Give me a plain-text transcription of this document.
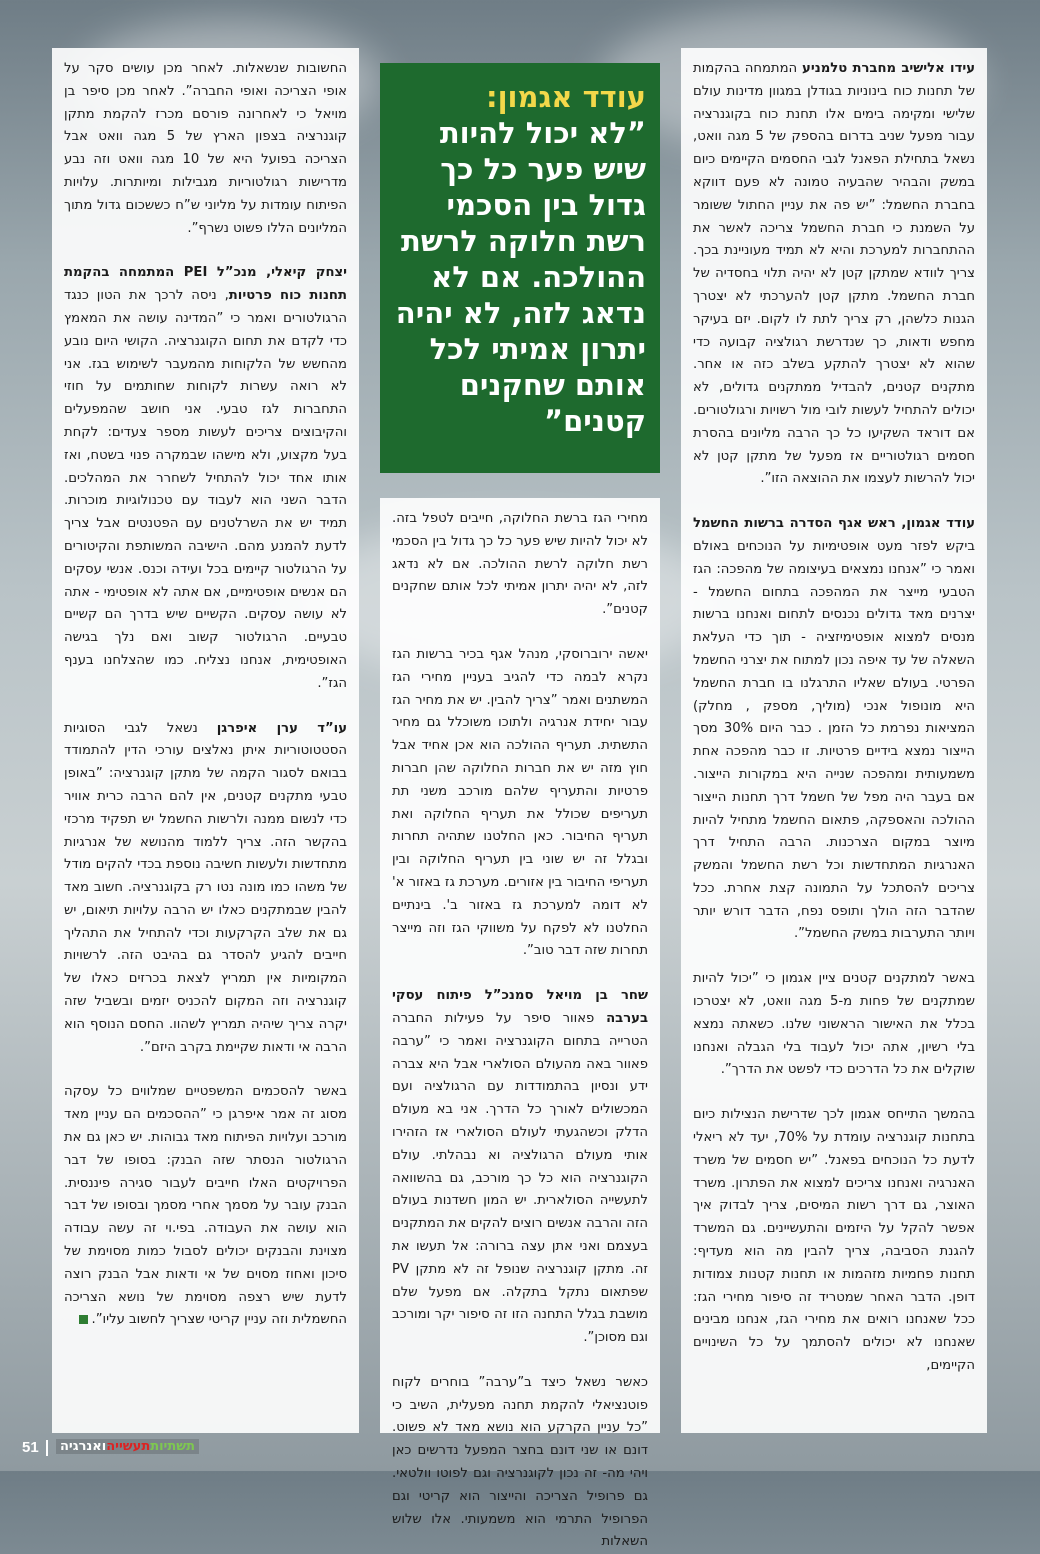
עידו אלישיב מחברת טלמניע המתמחה בהקמות של תחנות כוח בינוניות בגודלן במגוון מדינות עולם שלישי ומקימה בימים אלו תחנת כוח בקוגנרציה עבור מפעל שניב בדרום בהספק של 5 מגה וואט, נשאל בתחילת הפאנל לגבי החסמים הקיימים כיום במשק והבהיר שהבעיה טמונה לא פעם דווקא בחברת החשמל: ”יש פה את עניין החתול ששומר על השמנת כי חברת החשמל צריכה לאשר את ההתחברות למערכת והיא לא תמיד מעוניינת בכך. צריך לוודא שמתקן קטן לא יהיה תלוי בחסדיה של חברת החשמל. מתקן קטן להערכתי לא יצטרך הגנות כלשהן, רק צריך לתת לו לקום. יזם בעיקר מחפש ודאות, כך שנדרשת רגולציה קבועה כדי שהוא לא יצטרך להתקע בשלב כזה או אחר. מתקנים קטנים, להבדיל ממתקנים גדולים, לא יכולים להתחיל לעשות לובי מול רשויות ורגולטורים. אם דוראד השקיעו כל כך הרבה מליונים בהסרת חסמים רגולטוריים אז מפעל של מתקן קטן לא יכול להרשות לעצמו את ההוצאה הזו”.

עודד אגמון, ראש אגף הסדרה ברשות החשמל ביקש לפזר מעט אופטימיות על הנוכחים באולם ואמר כי ”אנחנו נמצאים בעיצומה של מהפכה: הגז הטבעי מייצר את המהפכה בתחום החשמל - יצרנים מאד גדולים נכנסים לתחום ואנחנו ברשות מנסים למצוא אופטימיזציה - תוך כדי העלאת השאלה של עד איפה נכון למתוח את יצרני החשמל הפרטי. בעולם שאליו התרגלנו בו חברת החשמל היא מונופול אנכי (מוליך, מספק , מחלק) המציאות נפרמת כל הזמן . כבר היום 30% מסך הייצור נמצא בידיים פרטיות. זו כבר מהפכה אחת משמעותית ומהפכה שנייה היא במקורות הייצור. אם בעבר היה מפל של חשמל דרך תחנות הייצור ההולכה והאספקה, פתאום החשמל מתחיל להיות מיוצר במקום הצרכנות. הרבה התחיל דרך האנרגיות המתחדשות וכל רשת החשמל והמשק צריכים להסתכל על התמונה קצת אחרת. ככל שהדבר הזה הולך ותופס נפח, הדבר דורש יותר ויותר התערבות במשק החשמל”.

באשר למתקנים קטנים ציין אגמון כי ”יכול להיות שמתקנים של פחות מ-5 מגה וואט, לא יצטרכו בכלל את האישור הראשוני שלנו. כשאתה נמצא בלי רשיון, אתה יכול לעבוד בלי הגבלה ואנחנו שוקלים את כל הדרכים כדי לפשט את הדרך”.

בהמשך התייחס אגמון לכך שדרישת הנצילות כיום בתחנות קוגנרציה עומדת על 70%, יעד לא ריאלי לדעת כל הנוכחים בפאנל. ”יש חסמים של משרד האנרגיה ואנחנו צריכים למצוא את הפתרון. משרד האוצר, גם דרך רשות המיסים, צריך לבדוק איך אפשר להקל על היזמים והתעשיינים. גם המשרד להגנת הסביבה, צריך להבין מה הוא מעדיף: תחנות פחמיות מזהמות או תחנות קטנות צמודות דופן. הדבר האחר שמטריד זה סיפור מחירי הגז: ככל שאנחנו רואים את מחירי הגז, אנחנו מבינים שאנחנו לא יכולים להסתמך על כל השינויים הקיימים,

עודד אגמון:
”לא יכול להיות שיש פער כל כך גדול בין הסכמי רשת חלוקה לרשת ההולכה. אם לא נדאג לזה, לא יהיה יתרון אמיתי לכל אותם שחקנים קטנים”

מחירי הגז ברשת החלוקה, חייבים לטפל בזה. לא יכול להיות שיש פער כל כך גדול בין הסכמי רשת חלוקה לרשת ההולכה. אם לא נדאג לזה, לא יהיה יתרון אמיתי לכל אותם שחקנים קטנים”.

יאשה ירוברוסקי, מנהל אגף בכיר ברשות הגז נקרא לבמה כדי להגיב בעניין מחירי הגז המשתנים ואמר ”צריך להבין. יש את מחיר הגז עבור יחידת אנרגיה ולתוכו משוכלל גם מחיר התשתית. תעריף ההולכה הוא אכן אחיד אבל חוץ מזה יש את חברות החלוקה שהן חברות פרטיות והתעריף שלהם מורכב משני תת תעריפים שכולל את תעריף החלוקה ואת תעריף החיבור. כאן החלטנו שתהיה תחרות ובגלל זה יש שוני בין תעריף החלוקה ובין תעריפי החיבור בין אזורים. מערכת גז באזור א' לא דומה למערכת גז באזור ב'. בינתיים החלטנו לא לפקח על משווקי הגז וזה מייצר תחרות שזה דבר טוב”.

שחר בן מויאל סמנכ”ל פיתוח עסקי בערבה פאוור סיפר על פעילות החברה הטרייה בתחום הקוגנרציה ואמר כי ”ערבה פאוור באה מהעולם הסולארי אבל היא צברה ידע ונסיון בהתמודדות עם הרגולציה ועם המכשולים לאורך כל הדרך. אני בא מעולם הדלק וכשהגעתי לעולם הסולארי אז הזהירו אותי מעולם הרגולציה וא נבהלתי. עולם הקוגנרציה הוא כל כך מורכב, גם בהשוואה לתעשייה הסולארית. יש המון חשדנות בעולם הזה והרבה אנשים רוצים להקים את המתקנים בעצמם ואני אתן עצה ברורה: אל תעשו את זה. מתקן קוגנרציה שנופל זה לא מתקן PV שפתאום נתקל בתקלה. אם מפעל שלם מושבת בגלל התחנה הזו זה סיפור יקר ומורכב וגם מסוכן”.

כאשר נשאל כיצד ב”ערבה” בוחרים לקוח פוטנציאלי להקמת תחנה מפעלית, השיב כי ”כל עניין הקרקע הוא נושא מאד לא פשוט. דונם או שני דונם בחצר המפעל נדרשים כאן ויהי מה- זה נכון לקוגנרציה וגם לפוטו וולטאי. גם פרופיל הצריכה והייצור הוא קריטי וגם הפרופיל התרמי הוא משמעותי. אלו שלוש השאלות

החשובות שנשאלות. לאחר מכן עושים סקר על אופי הצריכה ואופי החברה”. לאחר מכן סיפר בן מויאל כי לאחרונה פורסם מכרז להקמת מתקן קוגנרציה בצפון הארץ של 5 מגה וואט אבל הצריכה בפועל היא של 10 מגה וואט וזה נבע מדרישות רגולטוריות מגבילות ומיותרות. עלויות הפיתוח עומדות על מליוני ש”ח כששכום גדול מתוך המליונים הללו פשוט נשרף”.

יצחק קיאלי, מנכ”ל PEI המתמחה בהקמת תחנות כוח פרטיות, ניסה לרכך את הטון כנגד הרגולטורים ואמר כי ”המדינה עושה את המאמץ כדי לקדם את תחום הקוגנרציה. הקושי היום נובע מהחשש של הלקוחות מהמעבר לשימוש בגז. אני לא רואה עשרות לקוחות שחותמים על חוזי התחברות לגז טבעי. אני חושב שהמפעלים והקיבוצים צריכים לעשות מספר צעדים: לקחת בעל מקצוע, ולא מישהו שבמקרה פנוי בשטח, ואז אותו אחד יכול להתחיל לשחרר את המהלכים. הדבר השני הוא לעבוד עם טכנולוגיות מוכרות. תמיד יש את השרלטנים עם הפטנטים אבל צריך לדעת להמנע מהם. הישיבה המשותפת והקיטורים על הרגולטור קיימים בכל ועידה וכנס. אנשי עסקים הם אנשים אופטימיים, אם אתה לא אופטימי - אתה לא עושה עסקים. הקשיים שיש בדרך הם קשיים טבעיים. הרגולטור קשוב ואם נלך בגישה האופטימית, אנחנו נצליח. כמו שהצלחנו בענף הגז”.

עו”ד ערן איפרגן נשאל לגבי הסוגיות הסטטוטוריות איתן נאלצים עורכי הדין להתמודד בבואם לסגור הקמה של מתקן קוגנרציה: ”באופן טבעי מתקנים קטנים, אין להם הרבה כרית אוויר כדי לנשום ממנה ולרשות החשמל יש תפקיד מרכזי בהקשר הזה. צריך ללמוד מהנושא של אנרגיות מתחדשות ולעשות חשיבה נוספת בכדי להקים מודל של משהו כמו מונה נטו רק בקוגנרציה. חשוב מאד להבין שבמתקנים כאלו יש הרבה עלויות תיאום, יש גם את שלב הקרקעות וכדי להתחיל את התהליך חייבים להגיע להסדר גם בהיבט הזה. לרשויות המקומיות אין תמריץ לצאת בכרזים כאלו של קוגנרציה וזה המקום להכניס יזמים ובשביל שזה יקרה צריך שיהיה תמריץ לשהוו. החסם הנוסף הוא הרבה אי ודאות שקיימת בקרב היזם”.

באשר להסכמים המשפטיים שמלווים כל עסקה מסוג זה אמר איפרגן כי ”ההסכמים הם עניין מאד מורכב ועלויות הפיתוח מאד גבוהות. יש כאן גם את הרגולטור הנסתר שזה הבנק: בסופו של דבר הפרויקטים האלו חייבים לעבור סגירה פיננסית. הבנק עובר על מסמך אחרי מסמך ובסופו של דבר הוא עושה את העבודה. בפי.וי זה עשה עבודה מצוינת והבנקים יכולים לסבול כמות מסוימת של סיכון ואחוז מסוים של אי ודאות אבל הבנק רוצה לדעת שיש רצפה מסוימת של נושא הצריכה החשמלית וזה עניין קריטי שצריך לחשוב עליו”.

51	תשתיותתעשייהואנרגיה
